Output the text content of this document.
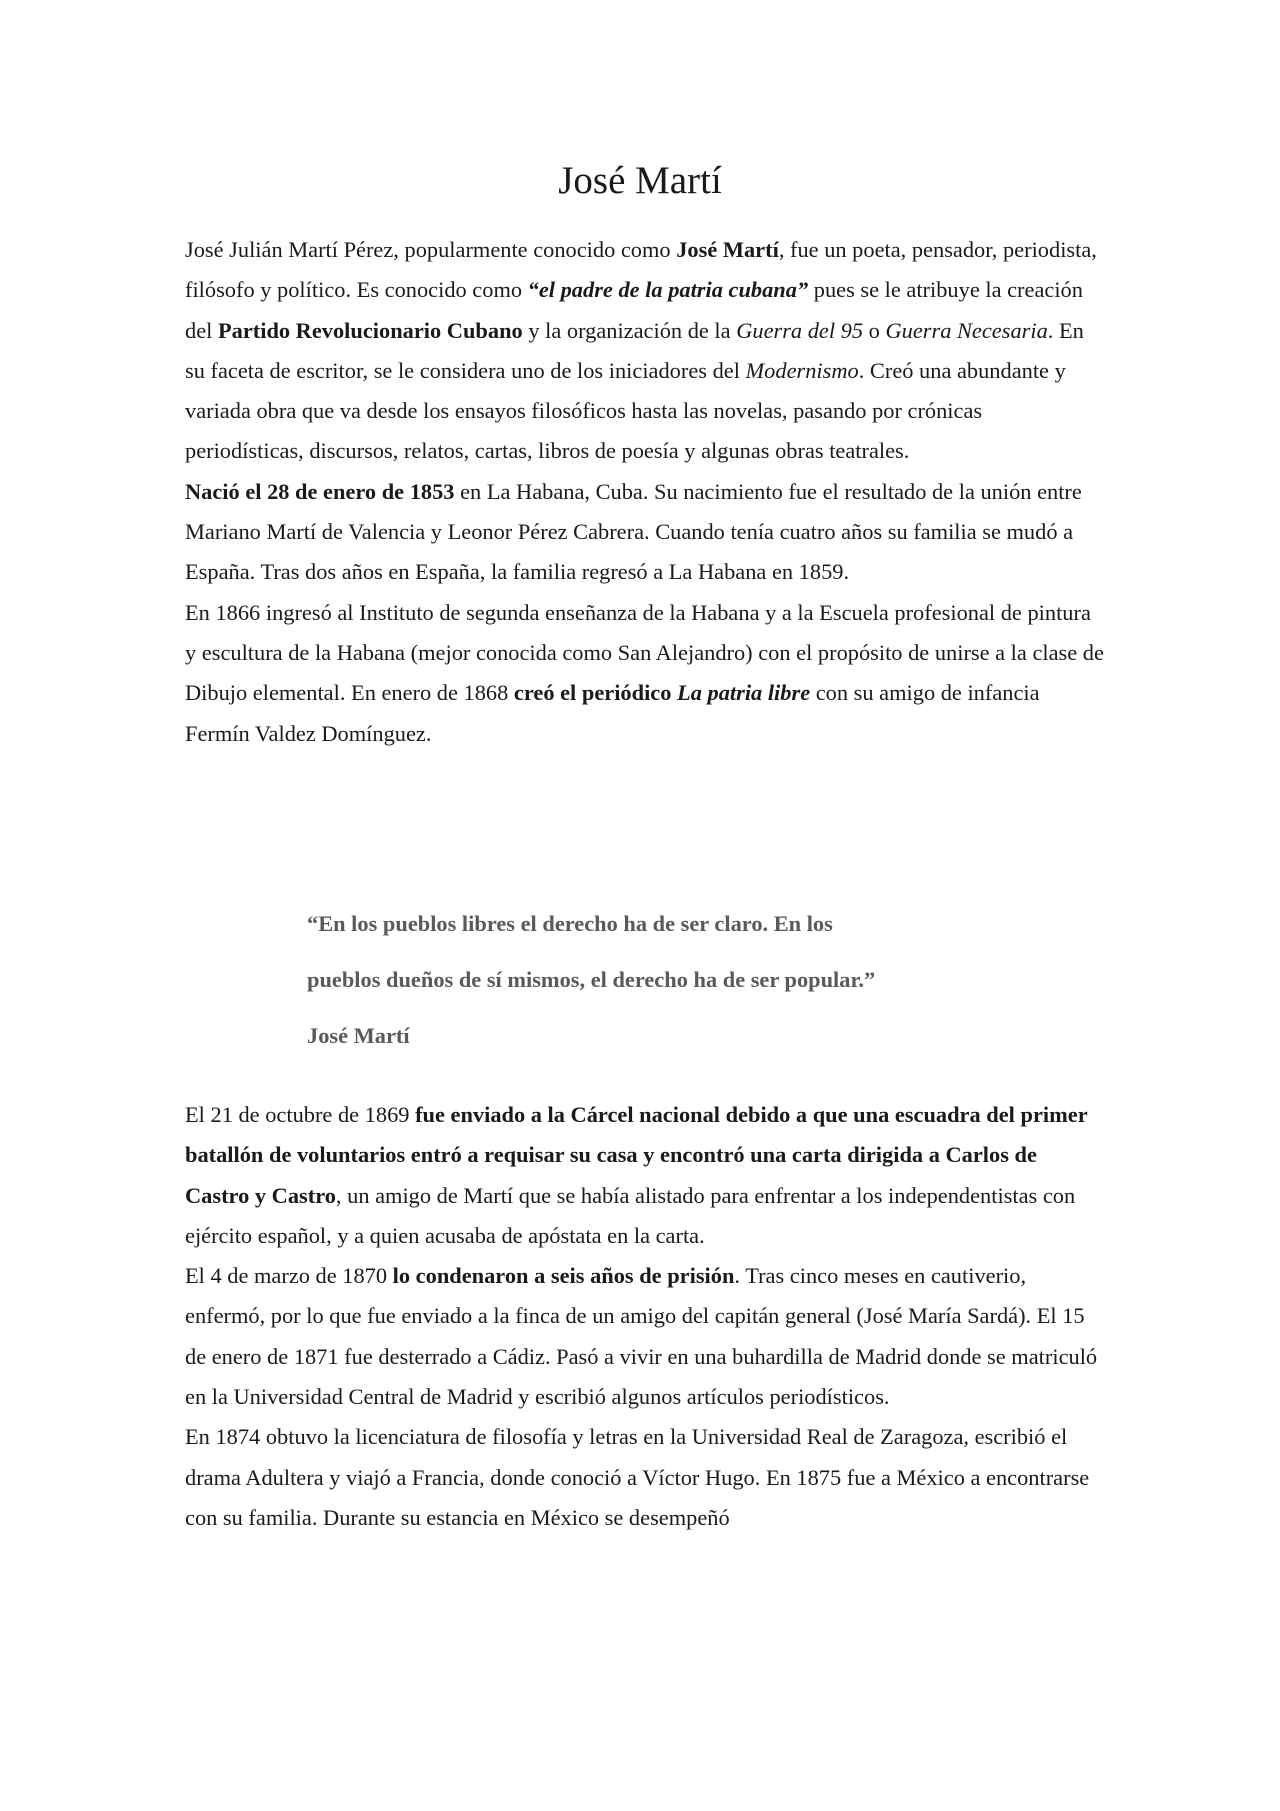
José Martí

José Julián Martí Pérez, popularmente conocido como José Martí, fue un poeta, pensador, periodista, filósofo y político. Es conocido como “el padre de la patria cubana” pues se le atribuye la creación del Partido Revolucionario Cubano y la organización de la Guerra del 95 o Guerra Necesaria. En su faceta de escritor, se le considera uno de los iniciadores del Modernismo. Creó una abundante y variada obra que va desde los ensayos filosóficos hasta las novelas, pasando por crónicas periodísticas, discursos, relatos, cartas, libros de poesía y algunas obras teatrales.

Nació el 28 de enero de 1853 en La Habana, Cuba. Su nacimiento fue el resultado de la unión entre Mariano Martí de Valencia y Leonor Pérez Cabrera. Cuando tenía cuatro años su familia se mudó a España. Tras dos años en España, la familia regresó a La Habana en 1859.

En 1866 ingresó al Instituto de segunda enseñanza de la Habana y a la Escuela profesional de pintura y escultura de la Habana (mejor conocida como San Alejandro) con el propósito de unirse a la clase de Dibujo elemental. En enero de 1868 creó el periódico La patria libre con su amigo de infancia Fermín Valdez Domínguez.

“En los pueblos libres el derecho ha de ser claro. En los

pueblos dueños de sí mismos, el derecho ha de ser popular.”

José Martí

El 21 de octubre de 1869 fue enviado a la Cárcel nacional debido a que una escuadra del primer batallón de voluntarios entró a requisar su casa y encontró una carta dirigida a Carlos de Castro y Castro, un amigo de Martí que se había alistado para enfrentar a los independentistas con ejército español, y a quien acusaba de apóstata en la carta.

El 4 de marzo de 1870 lo condenaron a seis años de prisión. Tras cinco meses en cautiverio, enfermó, por lo que fue enviado a la finca de un amigo del capitán general (José María Sardá). El 15 de enero de 1871 fue desterrado a Cádiz. Pasó a vivir en una buhardilla de Madrid donde se matriculó en la Universidad Central de Madrid y escribió algunos artículos periodísticos.

En 1874 obtuvo la licenciatura de filosofía y letras en la Universidad Real de Zaragoza, escribió el drama Adultera y viajó a Francia, donde conoció a Víctor Hugo. En 1875 fue a México a encontrarse con su familia. Durante su estancia en México se desempeñó
